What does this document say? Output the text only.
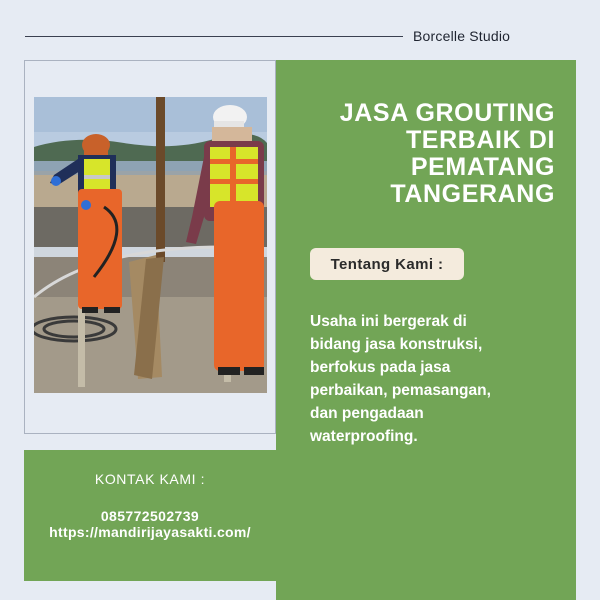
Borcelle Studio
JASA GROUTING
TERBAIK DI
PEMATANG
TANGERANG
Tentang Kami :
Usaha ini bergerak di
bidang jasa konstruksi,
berfokus pada jasa
perbaikan, pemasangan,
dan pengadaan
waterproofing.
KONTAK KAMI :
085772502739
https://mandirijayasakti.com/
